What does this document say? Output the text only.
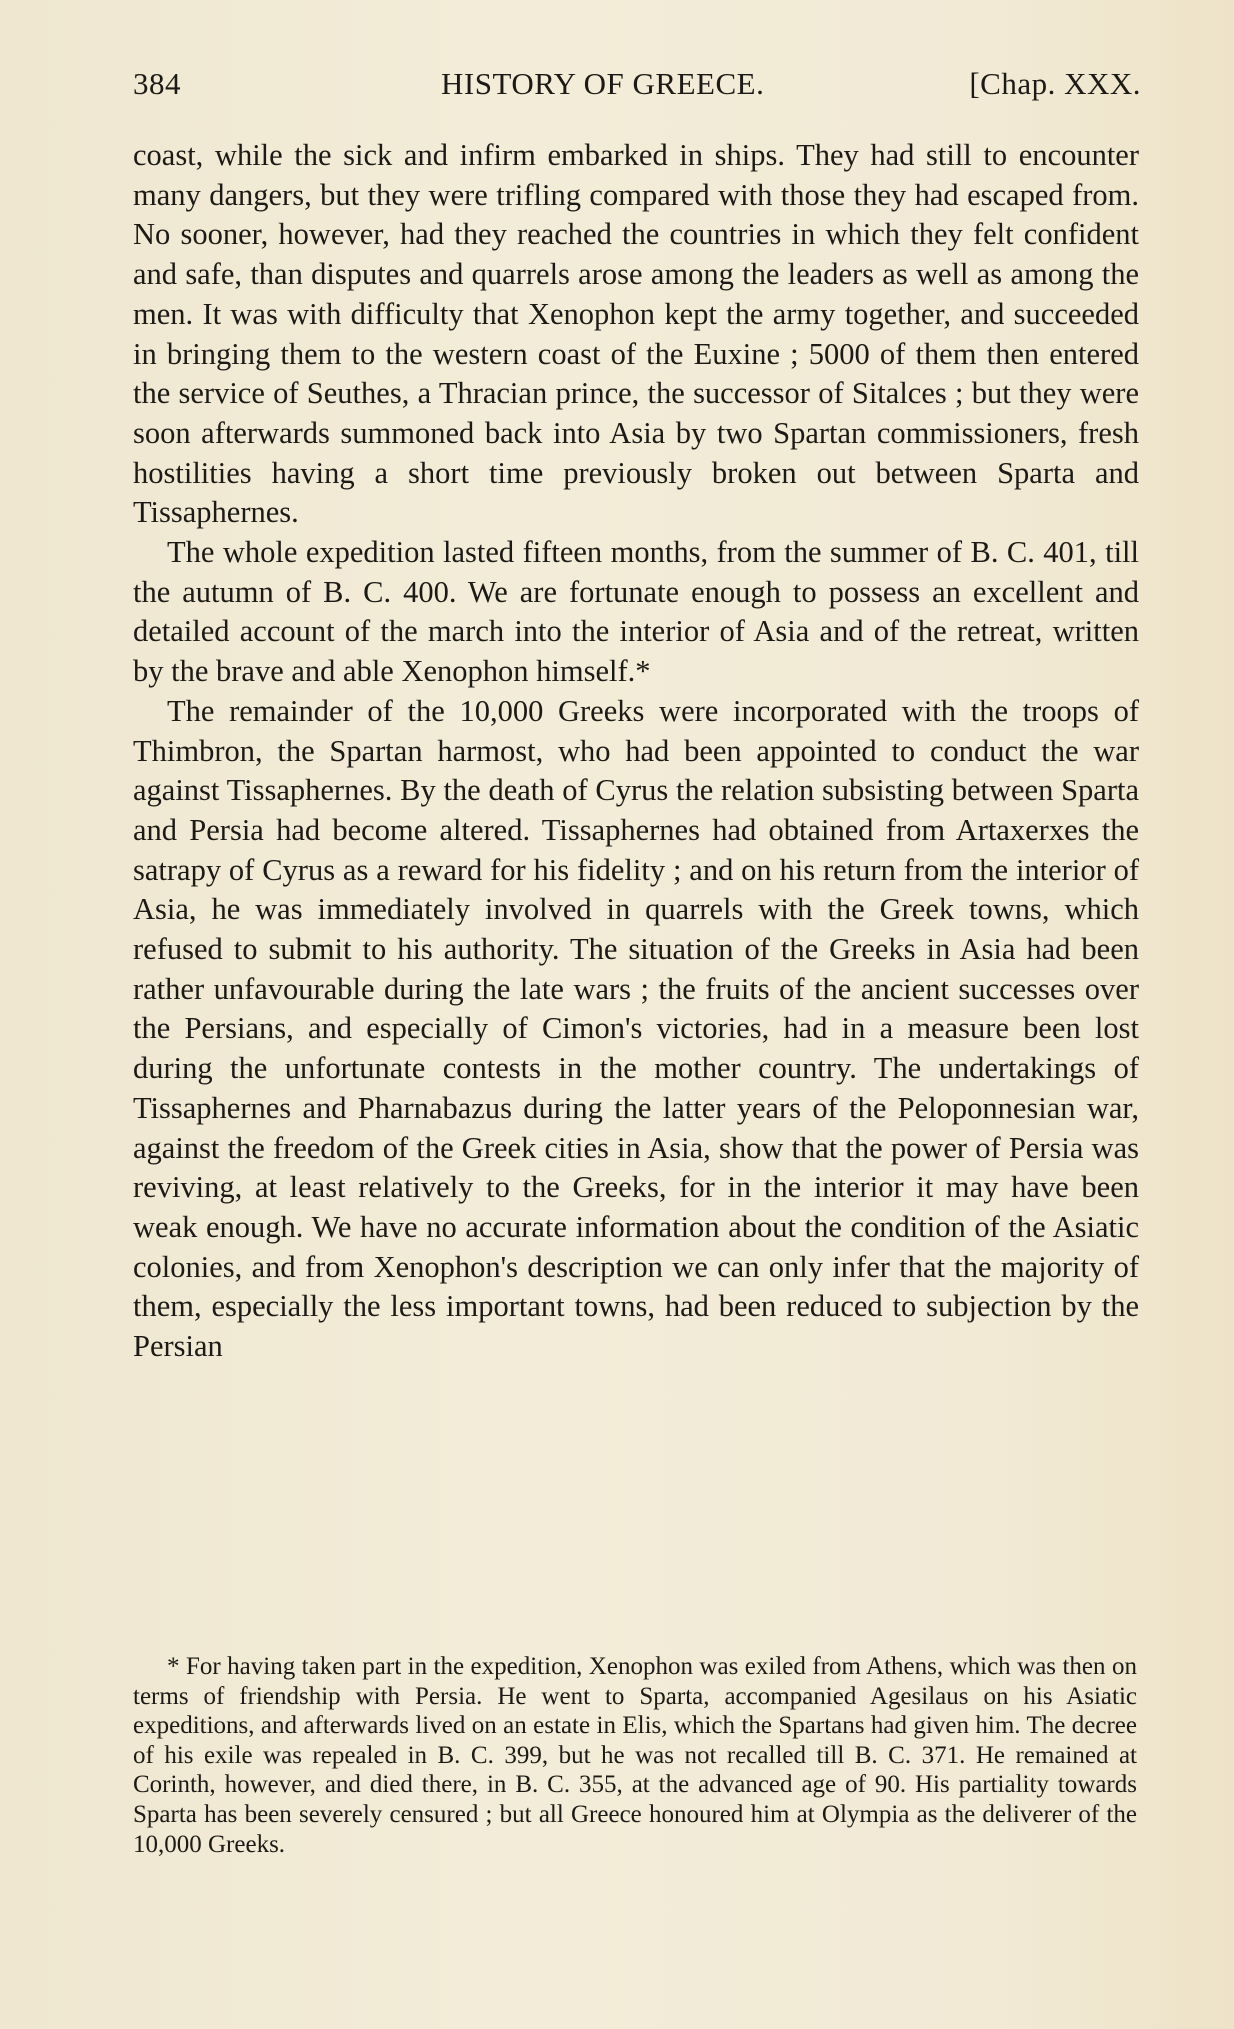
384	HISTORY OF GREECE.	[Chap. XXX.

coast, while the sick and infirm embarked in ships. They had still to encounter many dangers, but they were trifling compared with those they had escaped from. No sooner, however, had they reached the countries in which they felt confident and safe, than disputes and quarrels arose among the leaders as well as among the men. It was with difficulty that Xenophon kept the army together, and succeeded in bringing them to the western coast of the Euxine ; 5000 of them then entered the service of Seuthes, a Thracian prince, the successor of Sitalces ; but they were soon afterwards summoned back into Asia by two Spartan commissioners, fresh hostilities having a short time previously broken out between Sparta and Tissaphernes.

The whole expedition lasted fifteen months, from the summer of B. C. 401, till the autumn of B. C. 400. We are fortunate enough to possess an excellent and detailed account of the march into the interior of Asia and of the retreat, written by the brave and able Xenophon himself.*

The remainder of the 10,000 Greeks were incorporated with the troops of Thimbron, the Spartan harmost, who had been appointed to conduct the war against Tissaphernes. By the death of Cyrus the relation subsisting between Sparta and Persia had become altered. Tissaphernes had obtained from Artaxerxes the satrapy of Cyrus as a reward for his fidelity ; and on his return from the interior of Asia, he was immediately involved in quarrels with the Greek towns, which refused to submit to his authority. The situation of the Greeks in Asia had been rather unfavourable during the late wars ; the fruits of the ancient successes over the Persians, and especially of Cimon's victories, had in a measure been lost during the unfortunate contests in the mother country. The undertakings of Tissaphernes and Pharnabazus during the latter years of the Peloponnesian war, against the freedom of the Greek cities in Asia, show that the power of Persia was reviving, at least relatively to the Greeks, for in the interior it may have been weak enough. We have no accurate information about the condition of the Asiatic colonies, and from Xenophon's description we can only infer that the majority of them, especially the less important towns, had been reduced to subjection by the Persian

* For having taken part in the expedition, Xenophon was exiled from Athens, which was then on terms of friendship with Persia. He went to Sparta, accompanied Agesilaus on his Asiatic expeditions, and afterwards lived on an estate in Elis, which the Spartans had given him. The decree of his exile was repealed in B. C. 399, but he was not recalled till B. C. 371. He remained at Corinth, however, and died there, in B. C. 355, at the advanced age of 90. His partiality towards Sparta has been severely censured ; but all Greece honoured him at Olympia as the deliverer of the 10,000 Greeks.
